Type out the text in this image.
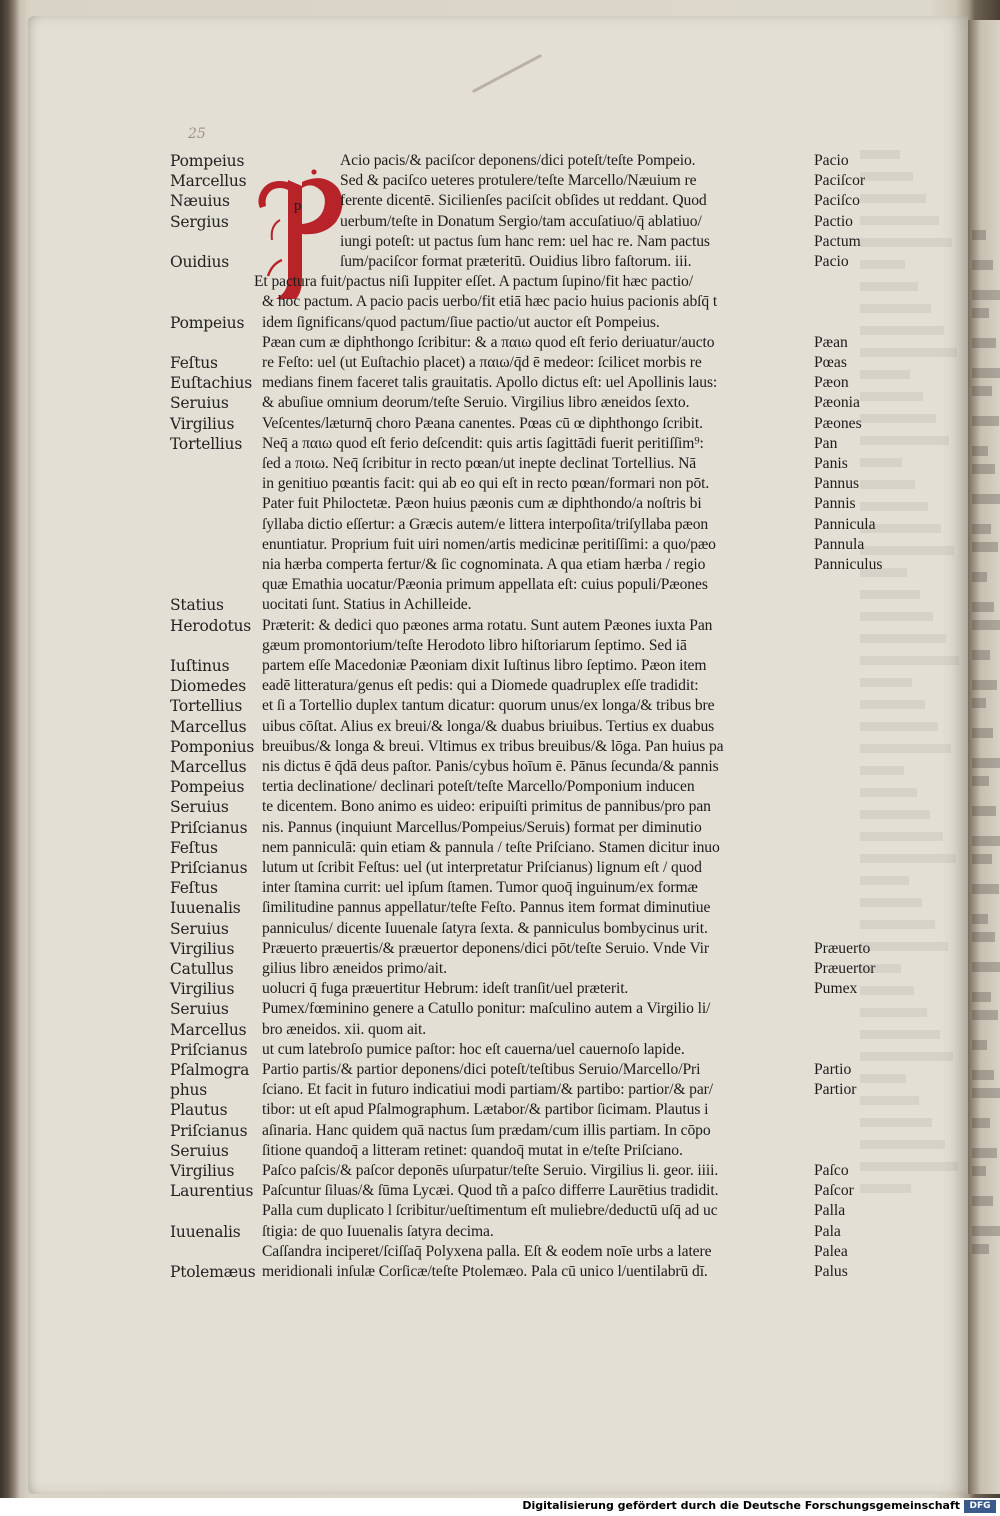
25
p
Pompeius	Acio pacis/& paciſcor deponens/dici poteſt/teſte Pompeio.	Pacio
Marcellus	Sed & paciſco ueteres protulere/teſte Marcello/Næuium re	Paciſcor
Næuius	ferente dicentē. Sicilienſes paciſcit obſides ut reddant. Quod	Paciſco
Sergius	uerbum/teſte in Donatum Sergio/tam accuſatiuo/q̄ ablatiuo/	Pactio
iungi poteſt: ut pactus ſum hanc rem: uel hac re. Nam pactus	Pactum
Ouidius	ſum/paciſcor format præteritū. Ouidius libro faſtorum. iii.	Pacio
Et pactura fuit/pactus niſi Iuppiter eſſet. A pactum ſupino/fit hæc pactio/
& hoc pactum. A pacio pacis uerbo/fit etiā hæc pacio huius pacionis abſq̄ t
Pompeius idem ſignificans/quod pactum/ſiue pactio/ut auctor eſt Pompeius.
Pæan cum æ diphthongo ſcribitur: & a παιω quod eſt ferio deriuatur/aucto	Pæan
Feſtus	re Feſto: uel (ut Euſtachio placet) a παιω/q̄d ē medeor: ſcilicet morbis re	Pœas
Euſtachius medians finem faceret talis grauitatis. Apollo dictus eſt: uel Apollinis laus:	Pæon
Seruius & abuſiue omnium deorum/teſte Seruio. Virgilius libro æneidos ſexto.	Pæonia
Virgilius Veſcentes/læturnq̄ choro Pæana canentes. Pœas cū œ diphthongo ſcribit.	Pæones
Tortellius Neq̄ a παιω quod eſt ferio deſcendit: quis artis ſagittādi fuerit peritiſſim⁹:	Pan
ſed a ποιω. Neq̄ ſcribitur in recto pœan/ut inepte declinat Tortellius. Nā	Panis
in genitiuo pœantis facit: qui ab eo qui eſt in recto pœan/formari non pōt.	Pannus
Pater fuit Philoctetæ. Pæon huius pæonis cum æ diphthondo/a noſtris bi	Pannis
ſyllaba dictio eſſertur: a Græcis autem/e littera interpoſita/triſyllaba pæon	Pannicula
enuntiatur. Proprium fuit uiri nomen/artis medicinæ peritiſſimi: a quo/pæo	Pannula
nia hærba comperta fertur/& ſic cognominata. A qua etiam hærba / regio	Panniculus
quæ Emathia uocatur/Pæonia primum appellata eſt: cuius populi/Pæones
Statius uocitati ſunt. Statius in Achilleide.
Herodotus Præterit: & dedici quo pæones arma rotatu. Sunt autem Pæones iuxta Pan
gæum promontorium/teſte Herodoto libro hiſtoriarum ſeptimo. Sed iā
Iuſtinus partem eſſe Macedoniæ Pæoniam dixit Iuſtinus libro ſeptimo. Pæon item
Diomedes eadē litteratura/genus eſt pedis: qui a Diomede quadruplex eſſe tradidit:
Tortellius et ſi a Tortellio duplex tantum dicatur: quorum unus/ex longa/& tribus bre
Marcellus uibus cōſtat. Alius ex breui/& longa/& duabus briuibus. Tertius ex duabus
Pomponius breuibus/& longa & breui. Vltimus ex tribus breuibus/& lōga. Pan huius pa
Marcellus nis dictus ē q̄dā deus paſtor. Panis/cybus hoīum ē. Pānus ſecunda/& pannis
Pompeius tertia declinatione/ declinari poteſt/teſte Marcello/Pomponium inducen
Seruius te dicentem. Bono animo es uideo: eripuiſti primitus de pannibus/pro pan
Priſcianus nis. Pannus (inquiunt Marcellus/Pompeius/Seruis) format per diminutio
Feſtus	nem panniculā: quin etiam & pannula / teſte Priſciano. Stamen dicitur inuo
Priſcianus lutum ut ſcribit Feſtus: uel (ut interpretatur Priſcianus) lignum eſt / quod
Feſtus	inter ſtamina currit: uel ipſum ſtamen. Tumor quoq̄ inguinum/ex formæ
Iuuenalis ſimilitudine pannus appellatur/teſte Feſto. Pannus item format diminutiue
Seruius panniculus/ dicente Iuuenale ſatyra ſexta. & panniculus bombycinus urit.
Virgilius Præuerto præuertis/& præuertor deponens/dici pōt/teſte Seruio. Vnde Vir	Præuerto
Catullus gilius libro æneidos primo/ait.	Præuertor
Virgilius uolucri q̄ fuga præuertitur Hebrum: ideſt tranſit/uel præterit.	Pumex
Seruius Pumex/fœminino genere a Catullo ponitur: maſculino autem a Virgilio li/
Marcellus bro æneidos. xii. quom ait.
Priſcianus ut cum latebroſo pumice paſtor: hoc eſt cauerna/uel cauernoſo lapide.
Pſalmogra Partio partis/& partior deponens/dici poteſt/teſtibus Seruio/Marcello/Pri	Partio
phus	ſciano. Et facit in futuro indicatiui modi partiam/& partibo: partior/& par/	Partior
Plautus tibor: ut eſt apud Pſalmographum. Lætabor/& partibor ſicimam. Plautus i
Priſcianus aſinaria. Hanc quidem quā nactus ſum prædam/cum illis partiam. In cōpo
Seruius ſitione quandoq̄ a litteram retinet: quandoq̄ mutat in e/teſte Priſciano.
Virgilius Paſco paſcis/& paſcor deponēs uſurpatur/teſte Seruio. Virgilius li. geor. iiii.	Paſco
Laurentius Paſcuntur ſiluas/& ſūma Lycæi. Quod tñ a paſco differre Laurētius tradidit.	Paſcor
Palla cum duplicato l ſcribitur/ueſtimentum eſt muliebre/deductū uſq̄ ad uc	Palla
Iuuenalis ſtigia: de quo Iuuenalis ſatyra decima.	Pala
Caſſandra inciperet/ſciſſaq̄ Polyxena palla. Eſt & eodem noīe urbs a latere	Palea
Ptolemæus meridionali inſulæ Corſicæ/teſte Ptolemæo. Pala cū unico l/uentilabrū dī.	Palus
Digitalisierung gefördert durch die Deutsche Forschungsgemeinschaft	DFG
